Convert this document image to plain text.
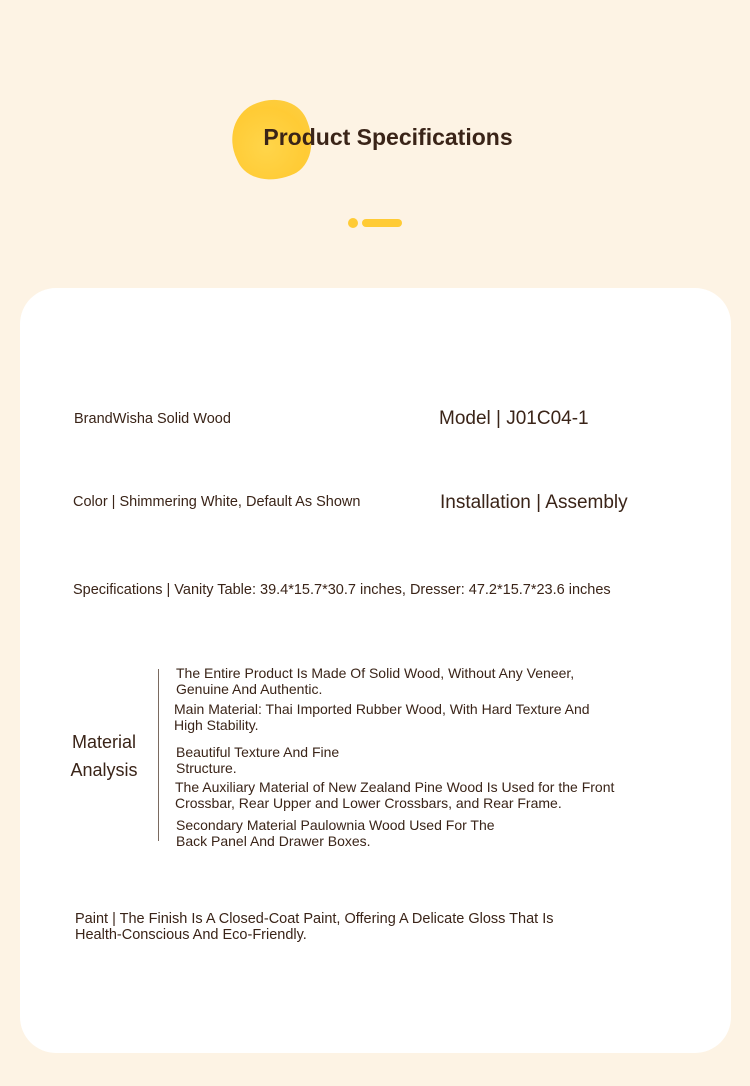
Product Specifications
BrandWisha Solid Wood	Model | J01C04-1
Color | Shimmering White, Default As Shown	Installation | Assembly
Specifications | Vanity Table: 39.4*15.7*30.7 inches, Dresser: 47.2*15.7*23.6 inches
Material
Analysis
The Entire Product Is Made Of Solid Wood, Without Any Veneer, Genuine And Authentic.
Main Material: Thai Imported Rubber Wood, With Hard Texture And High Stability.
Beautiful Texture And Fine Structure.
The Auxiliary Material of New Zealand Pine Wood Is Used for the Front Crossbar, Rear Upper and Lower Crossbars, and Rear Frame.
Secondary Material Paulownia Wood Used For The Back Panel And Drawer Boxes.
Paint | The Finish Is A Closed-Coat Paint, Offering A Delicate Gloss That Is Health-Conscious And Eco-Friendly.
